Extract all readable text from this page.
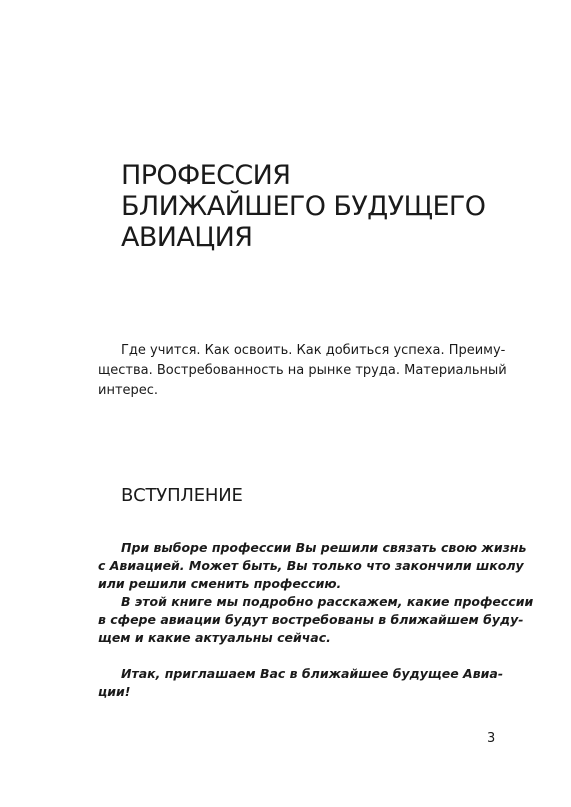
ПРОФЕССИЯ
БЛИЖАЙШЕГО БУДУЩЕГО
АВИАЦИЯ
Где учится. Как освоить. Как добиться успеха. Преиму-
щества. Востребованность на рынке труда. Материальный
интерес.
ВСТУПЛЕНИЕ
При выборе профессии Вы решили связать свою жизнь
с Авиацией. Может быть, Вы только что закончили школу
или решили сменить профессию.
В этой книге мы подробно расскажем, какие профессии
в сфере авиации будут востребованы в ближайшем буду-
щем и какие актуальны сейчас.
Итак, приглашаем Вас в ближайшее будущее Авиа-
ции!
3
